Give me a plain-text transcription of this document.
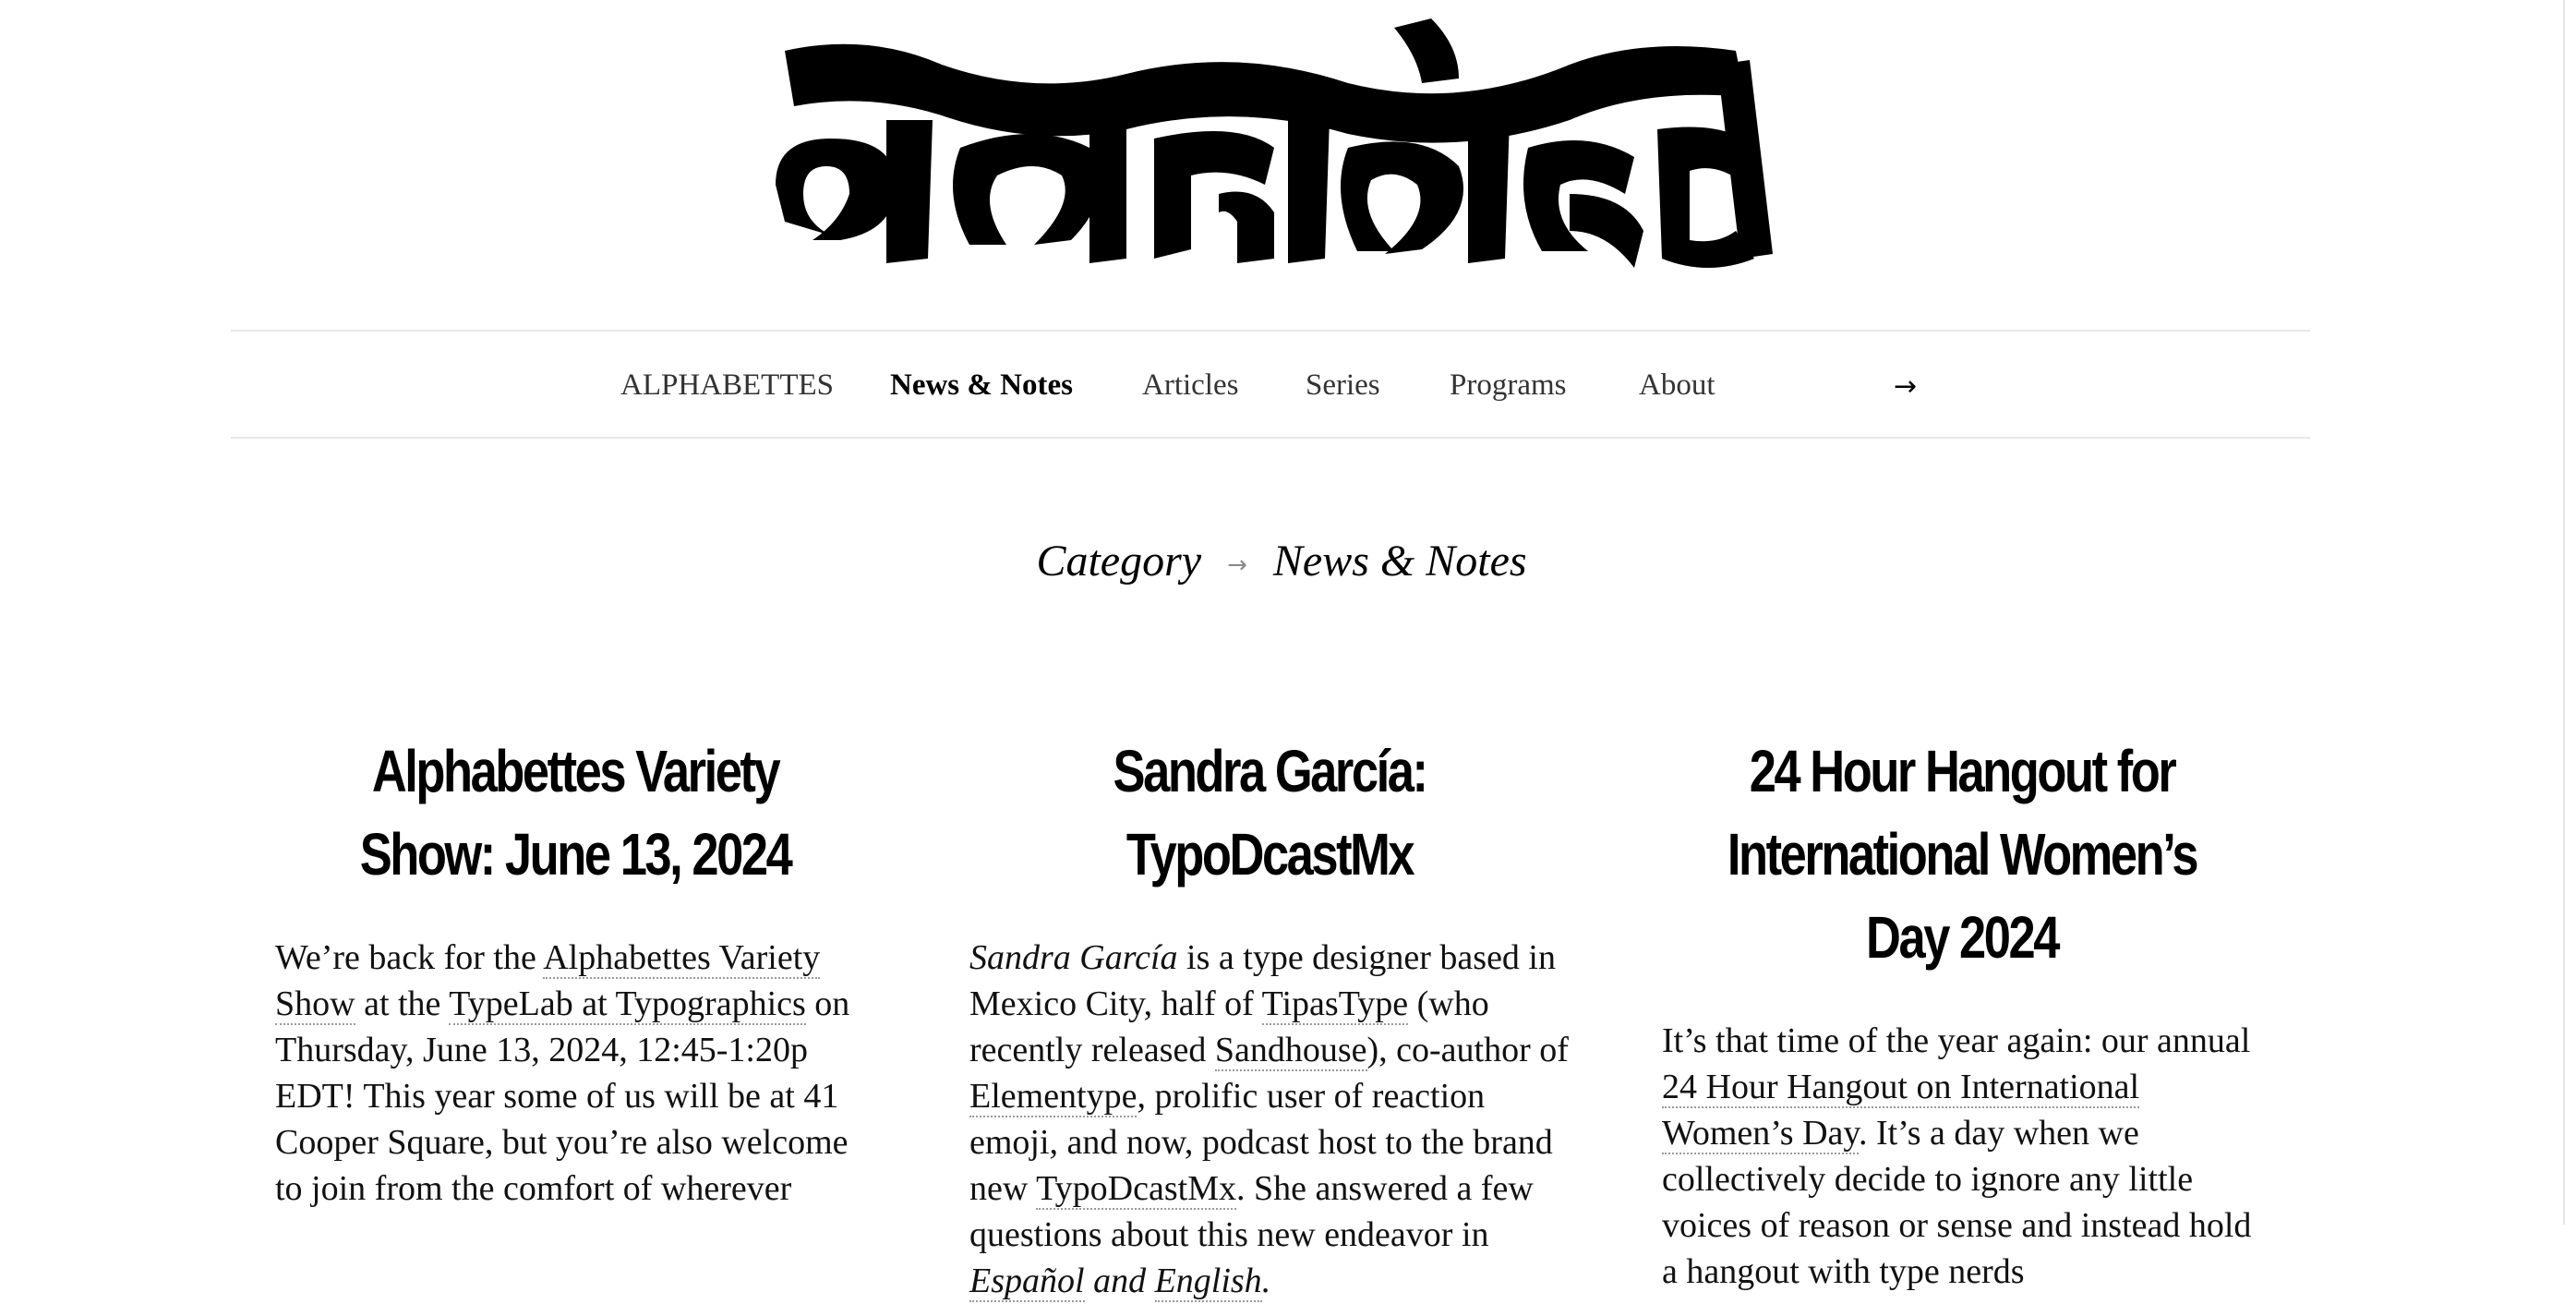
ALPHABETTES News & Notes Articles Series Programs About	→
Category → News & Notes
Alphabettes Variety Show: June 13, 2024

We’re back for the Alphabettes Variety Show at the TypeLab at Typographics on Thursday, June 13, 2024, 12:45-1:20p EDT! This year some of us will be at 41 Cooper Square, but you’re also welcome to join from the comfort of wherever

Sandra García: TypoDcastMx

Sandra García is a type designer based in Mexico City, half of TipasType (who recently released Sandhouse), co-author of Elementype, prolific user of reaction emoji, and now, podcast host to the brand new TypoDcastMx. She answered a few questions about this new endeavor in Español and English.

24 Hour Hangout for International Women’s Day 2024

It’s that time of the year again: our annual 24 Hour Hangout on International Women’s Day. It’s a day when we collectively decide to ignore any little voices of reason or sense and instead hold a hangout with type nerds
